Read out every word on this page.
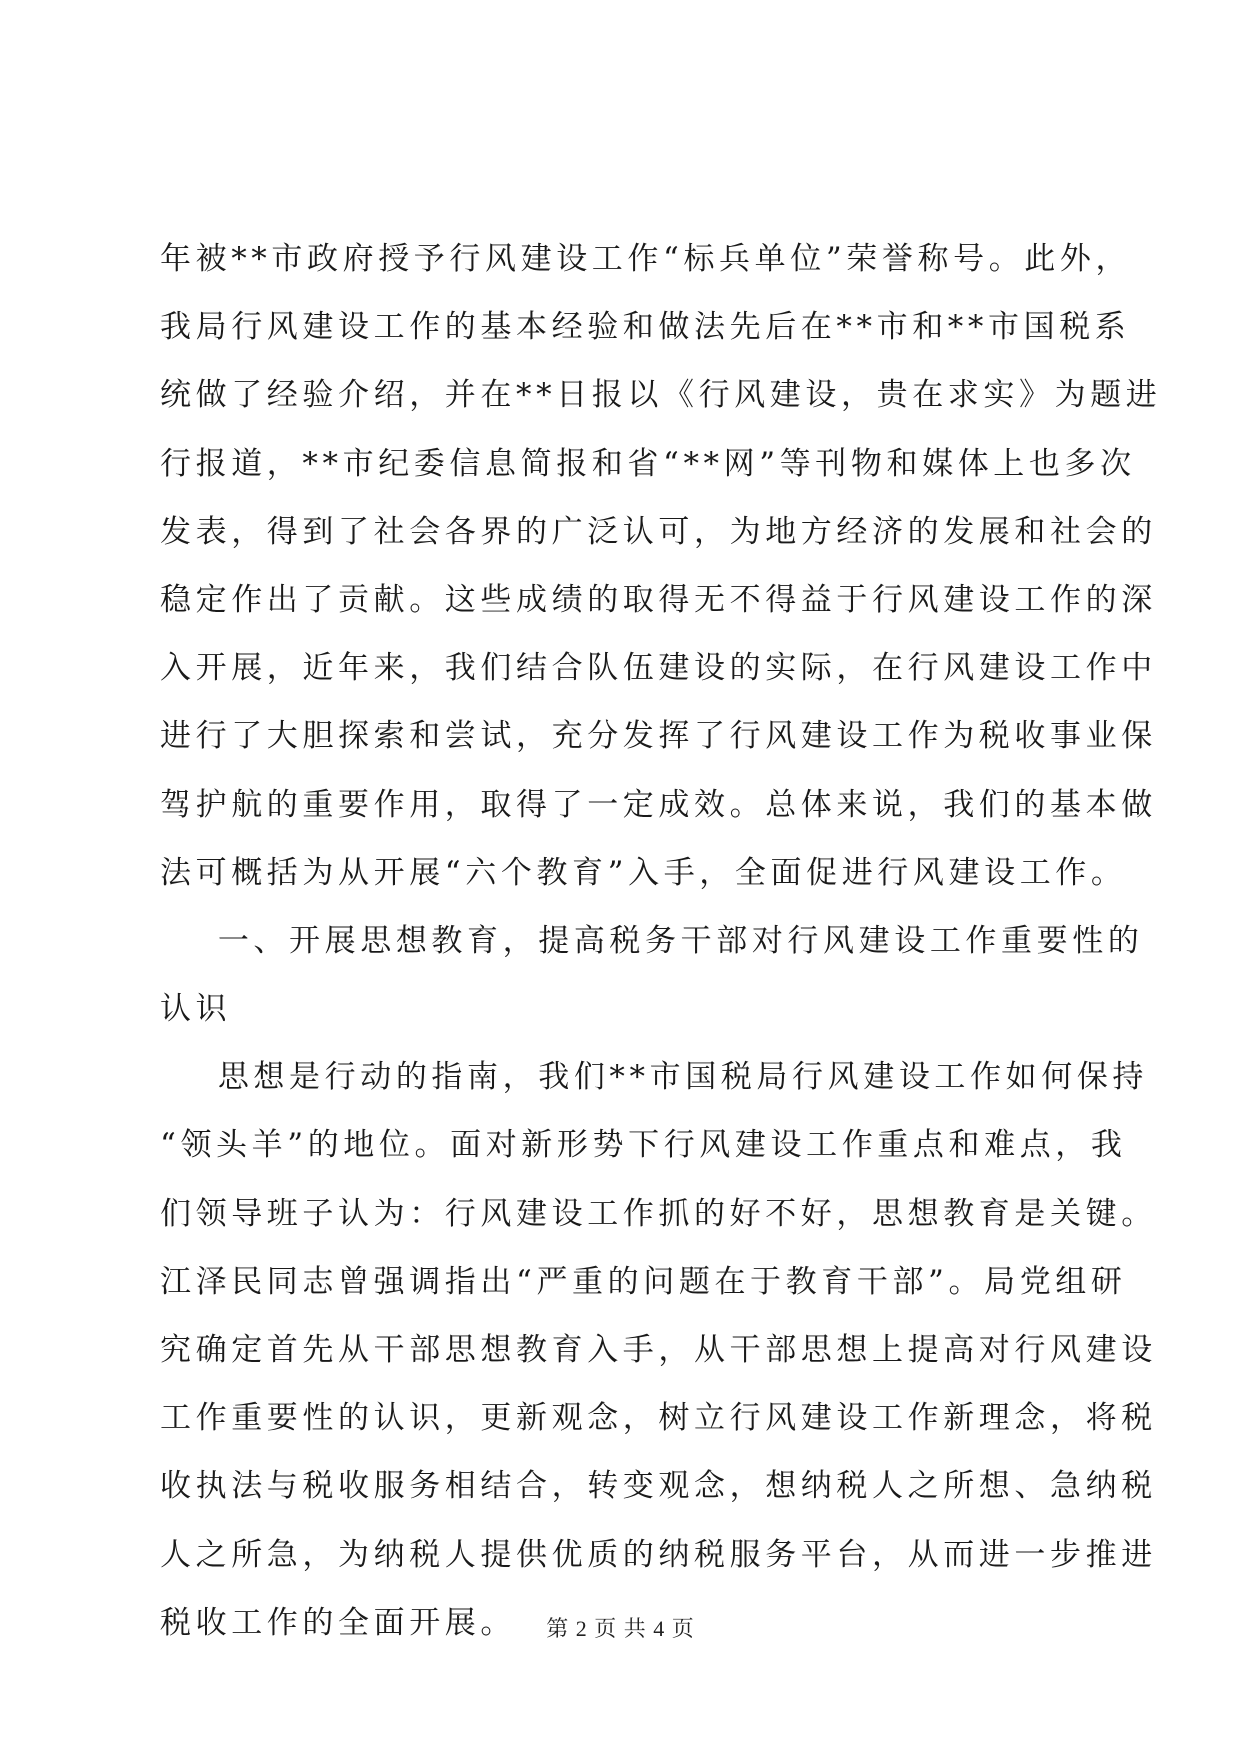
年被**市政府授予行风建设工作“标兵单位”荣誉称号。此外，
我局行风建设工作的基本经验和做法先后在**市和**市国税系
统做了经验介绍，并在**日报以《行风建设，贵在求实》为题进
行报道，**市纪委信息简报和省“**网”等刊物和媒体上也多次
发表，得到了社会各界的广泛认可，为地方经济的发展和社会的
稳定作出了贡献。这些成绩的取得无不得益于行风建设工作的深
入开展，近年来，我们结合队伍建设的实际，在行风建设工作中
进行了大胆探索和尝试，充分发挥了行风建设工作为税收事业保
驾护航的重要作用，取得了一定成效。总体来说，我们的基本做
法可概括为从开展“六个教育”入手，全面促进行风建设工作。
一、开展思想教育，提高税务干部对行风建设工作重要性的
认识
思想是行动的指南，我们**市国税局行风建设工作如何保持
“领头羊”的地位。面对新形势下行风建设工作重点和难点，我
们领导班子认为：行风建设工作抓的好不好，思想教育是关键。
江泽民同志曾强调指出“严重的问题在于教育干部”。局党组研
究确定首先从干部思想教育入手，从干部思想上提高对行风建设
工作重要性的认识，更新观念，树立行风建设工作新理念，将税
收执法与税收服务相结合，转变观念，想纳税人之所想、急纳税
人之所急，为纳税人提供优质的纳税服务平台，从而进一步推进
税收工作的全面开展。	第 2 页 共 4 页
